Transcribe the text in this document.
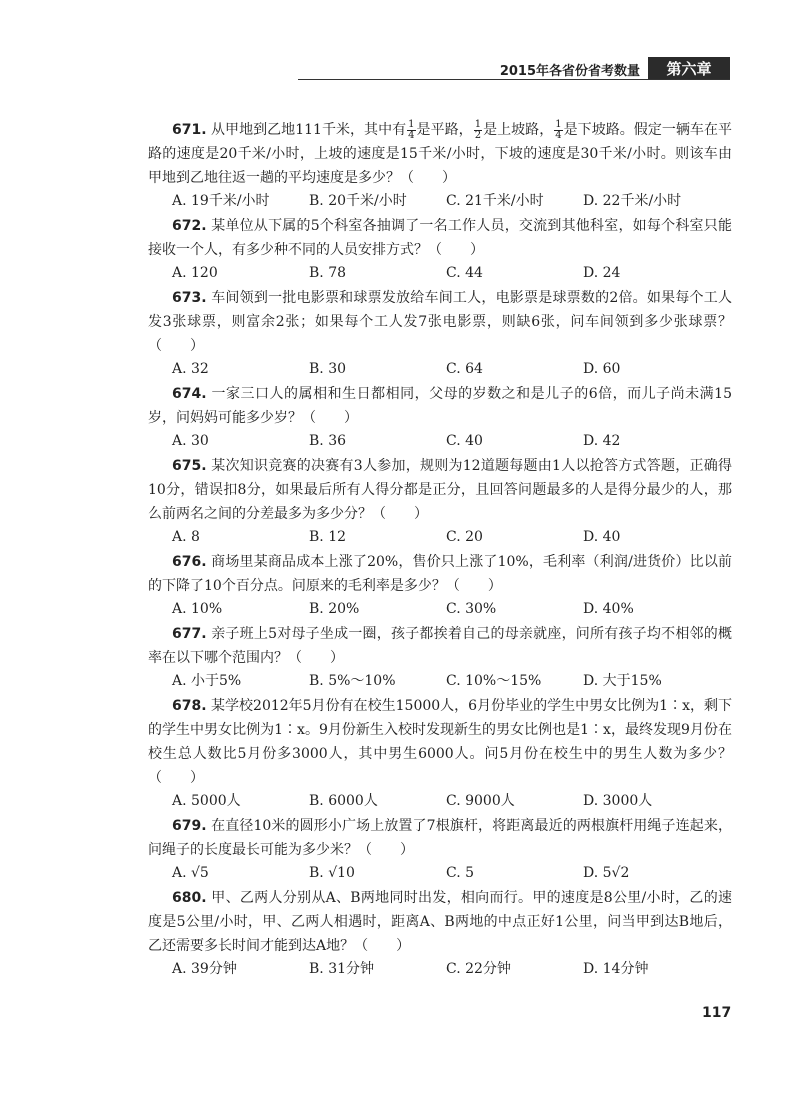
2015年各省份省考数量	第六章

671. 从甲地到乙地111千米，其中有 $\frac{1}{4}$ 是平路， $\frac{1}{2}$ 是上坡路， $\frac{1}{4}$ 是下坡路。假定一辆车在平路的速度是20千米/小时，上坡的速度是15千米/小时，下坡的速度是30千米/小时。则该车由甲地到乙地往返一趟的平均速度是多少？（　　）

A. 19千米/小时	B. 20千米/小时	C. 21千米/小时	D. 22千米/小时

672. 某单位从下属的5个科室各抽调了一名工作人员，交流到其他科室，如每个科室只能接收一个人，有多少种不同的人员安排方式？（　　）

A. 120	B. 78	C. 44	D. 24

673. 车间领到一批电影票和球票发放给车间工人，电影票是球票数的2倍。如果每个工人发3张球票，则富余2张；如果每个工人发7张电影票，则缺6张，问车间领到多少张球票？（　　）

A. 32	B. 30	C. 64	D. 60

674. 一家三口人的属相和生日都相同，父母的岁数之和是儿子的6倍，而儿子尚未满15岁，问妈妈可能多少岁？（　　）

A. 30	B. 36	C. 40	D. 42

675. 某次知识竞赛的决赛有3人参加，规则为12道题每题由1人以抢答方式答题，正确得10分，错误扣8分，如果最后所有人得分都是正分，且回答问题最多的人是得分最少的人，那么前两名之间的分差最多为多少分？（　　）

A. 8	B. 12	C. 20	D. 40

676. 商场里某商品成本上涨了20%，售价只上涨了10%，毛利率（利润/进货价）比以前的下降了10个百分点。问原来的毛利率是多少？（　　）

A. 10%	B. 20%	C. 30%	D. 40%

677. 亲子班上5对母子坐成一圈，孩子都挨着自己的母亲就座，问所有孩子均不相邻的概率在以下哪个范围内？（　　）

A. 小于5%	B. 5%～10%	C. 10%～15%	D. 大于15%

678. 某学校2012年5月份有在校生15000人，6月份毕业的学生中男女比例为1∶x，剩下的学生中男女比例为1∶x。9月份新生入校时发现新生的男女比例也是1∶x，最终发现9月份在校生总人数比5月份多3000人，其中男生6000人。问5月份在校生中的男生人数为多少？（　　）

A. 5000人	B. 6000人	C. 9000人	D. 3000人

679. 在直径10米的圆形小广场上放置了7根旗杆，将距离最近的两根旗杆用绳子连起来，问绳子的长度最长可能为多少米？（　　）

A. √5	B. √10	C. 5	D. 5√2

680. 甲、乙两人分别从A、B两地同时出发，相向而行。甲的速度是8公里/小时，乙的速度是5公里/小时，甲、乙两人相遇时，距离A、B两地的中点正好1公里，问当甲到达B地后，乙还需要多长时间才能到达A地？（　　）

A. 39分钟	B. 31分钟	C. 22分钟	D. 14分钟
117
